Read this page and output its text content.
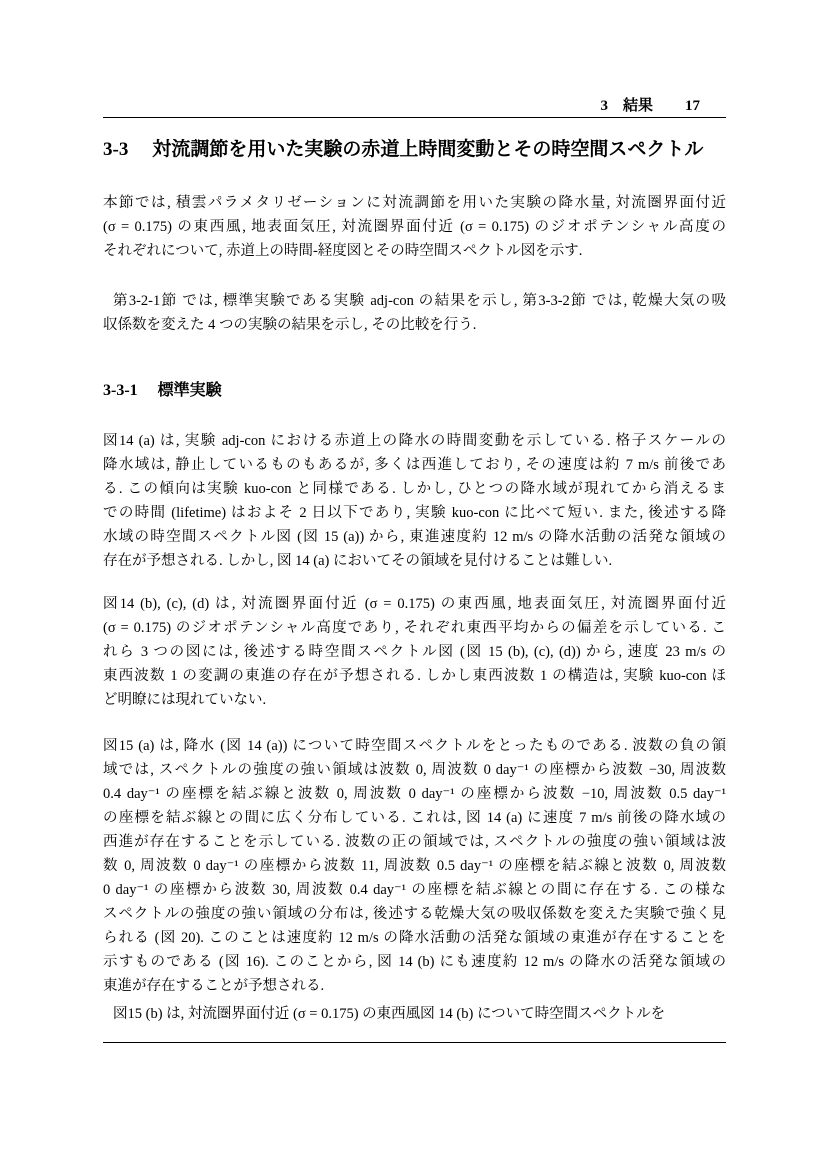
3　結果 17
3-3 対流調節を用いた実験の赤道上時間変動とその時空間スペクトル
本節では, 積雲パラメタリゼーションに対流調節を用いた実験の降水量, 対流圏界面付近
(σ = 0.175) の東西風, 地表面気圧, 対流圏界面付近 (σ = 0.175) のジオポテンシャル高度の
それぞれについて, 赤道上の時間-経度図とその時空間スペクトル図を示す.
第3-2-1節 では, 標準実験である実験 adj-con の結果を示し, 第3-3-2節 では, 乾燥大気の吸
収係数を変えた 4 つの実験の結果を示し, その比較を行う.
3-3-1 標準実験
図14 (a) は, 実験 adj-con における赤道上の降水の時間変動を示している. 格子スケールの
降水域は, 静止しているものもあるが, 多くは西進しており, その速度は約 7 m/s 前後であ
る. この傾向は実験 kuo-con と同様である. しかし, ひとつの降水域が現れてから消えるま
での時間 (lifetime) はおよそ 2 日以下であり, 実験 kuo-con に比べて短い. また, 後述する降
水域の時空間スペクトル図 (図 15 (a)) から, 東進速度約 12 m/s の降水活動の活発な領域の
存在が予想される. しかし, 図 14 (a) においてその領域を見付けることは難しい.
図14 (b), (c), (d) は, 対流圏界面付近 (σ = 0.175) の東西風, 地表面気圧, 対流圏界面付近
(σ = 0.175) のジオポテンシャル高度であり, それぞれ東西平均からの偏差を示している. こ
れら 3 つの図には, 後述する時空間スペクトル図 (図 15 (b), (c), (d)) から, 速度 23 m/s の
東西波数 1 の変調の東進の存在が予想される. しかし東西波数 1 の構造は, 実験 kuo-con ほ
ど明瞭には現れていない.
図15 (a) は, 降水 (図 14 (a)) について時空間スペクトルをとったものである. 波数の負の領
域では, スペクトルの強度の強い領域は波数 0, 周波数 0 day⁻¹ の座標から波数 −30, 周波数
0.4 day⁻¹ の座標を結ぶ線と波数 0, 周波数 0 day⁻¹ の座標から波数 −10, 周波数 0.5 day⁻¹
の座標を結ぶ線との間に広く分布している. これは, 図 14 (a) に速度 7 m/s 前後の降水域の
西進が存在することを示している. 波数の正の領域では, スペクトルの強度の強い領域は波
数 0, 周波数 0 day⁻¹ の座標から波数 11, 周波数 0.5 day⁻¹ の座標を結ぶ線と波数 0, 周波数
0 day⁻¹ の座標から波数 30, 周波数 0.4 day⁻¹ の座標を結ぶ線との間に存在する. この様な
スペクトルの強度の強い領域の分布は, 後述する乾燥大気の吸収係数を変えた実験で強く見
られる (図 20). このことは速度約 12 m/s の降水活動の活発な領域の東進が存在することを
示すものである (図 16). このことから, 図 14 (b) にも速度約 12 m/s の降水の活発な領域の
東進が存在することが予想される.
図15 (b) は, 対流圏界面付近 (σ = 0.175) の東西風図 14 (b) について時空間スペクトルを
